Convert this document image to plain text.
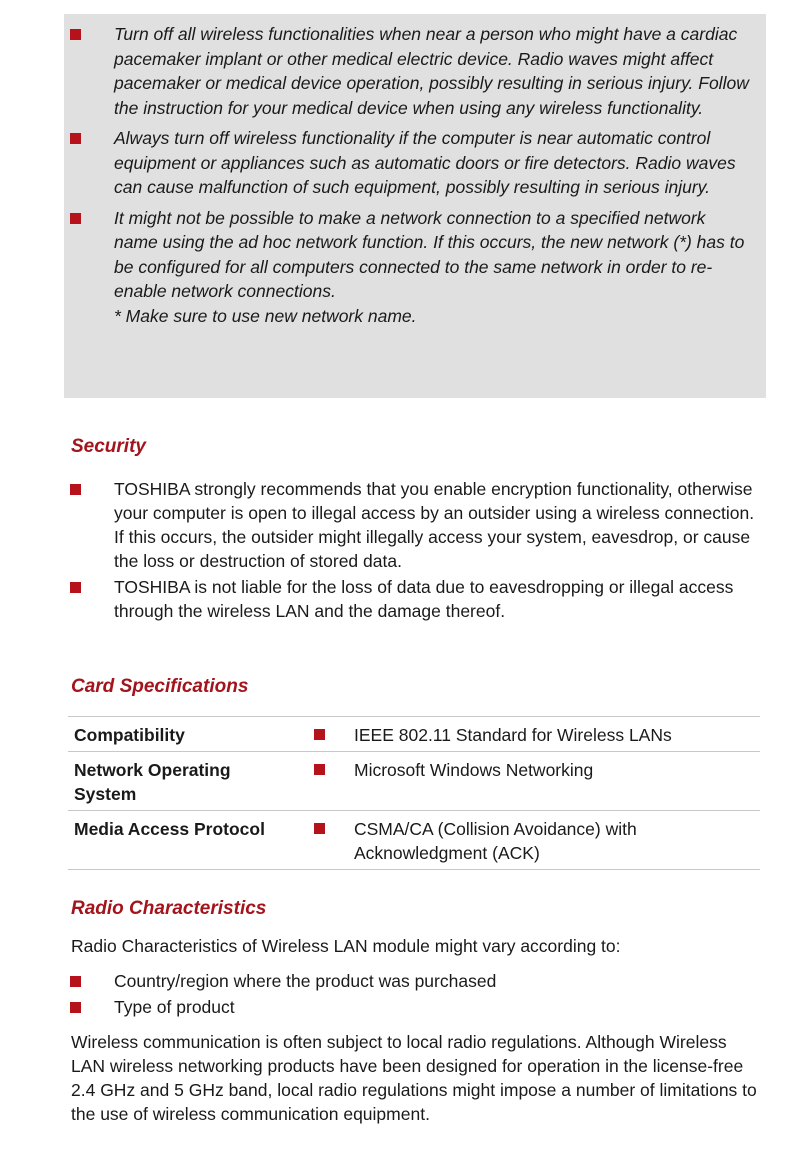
Turn off all wireless functionalities when near a person who might have a cardiac pacemaker implant or other medical electric device. Radio waves might affect pacemaker or medical device operation, possibly resulting in serious injury. Follow the instruction for your medical device when using any wireless functionality.
Always turn off wireless functionality if the computer is near automatic control equipment or appliances such as automatic doors or fire detectors. Radio waves can cause malfunction of such equipment, possibly resulting in serious injury.
It might not be possible to make a network connection to a specified network name using the ad hoc network function. If this occurs, the new network (*) has to be configured for all computers connected to the same network in order to re-enable network connections.
* Make sure to use new network name.
Security
TOSHIBA strongly recommends that you enable encryption functionality, otherwise your computer is open to illegal access by an outsider using a wireless connection. If this occurs, the outsider might illegally access your system, eavesdrop, or cause the loss or destruction of stored data.
TOSHIBA is not liable for the loss of data due to eavesdropping or illegal access through the wireless LAN and the damage thereof.
Card Specifications
Compatibility		IEEE 802.11 Standard for Wireless LANs
Network Operating System		Microsoft Windows Networking
Media Access Protocol		CSMA/CA (Collision Avoidance) with Acknowledgment (ACK)
Radio Characteristics

Radio Characteristics of Wireless LAN module might vary according to:

Country/region where the product was purchased
Type of product

Wireless communication is often subject to local radio regulations. Although Wireless LAN wireless networking products have been designed for operation in the license-free 2.4 GHz and 5 GHz band, local radio regulations might impose a number of limitations to the use of wireless communication equipment.
